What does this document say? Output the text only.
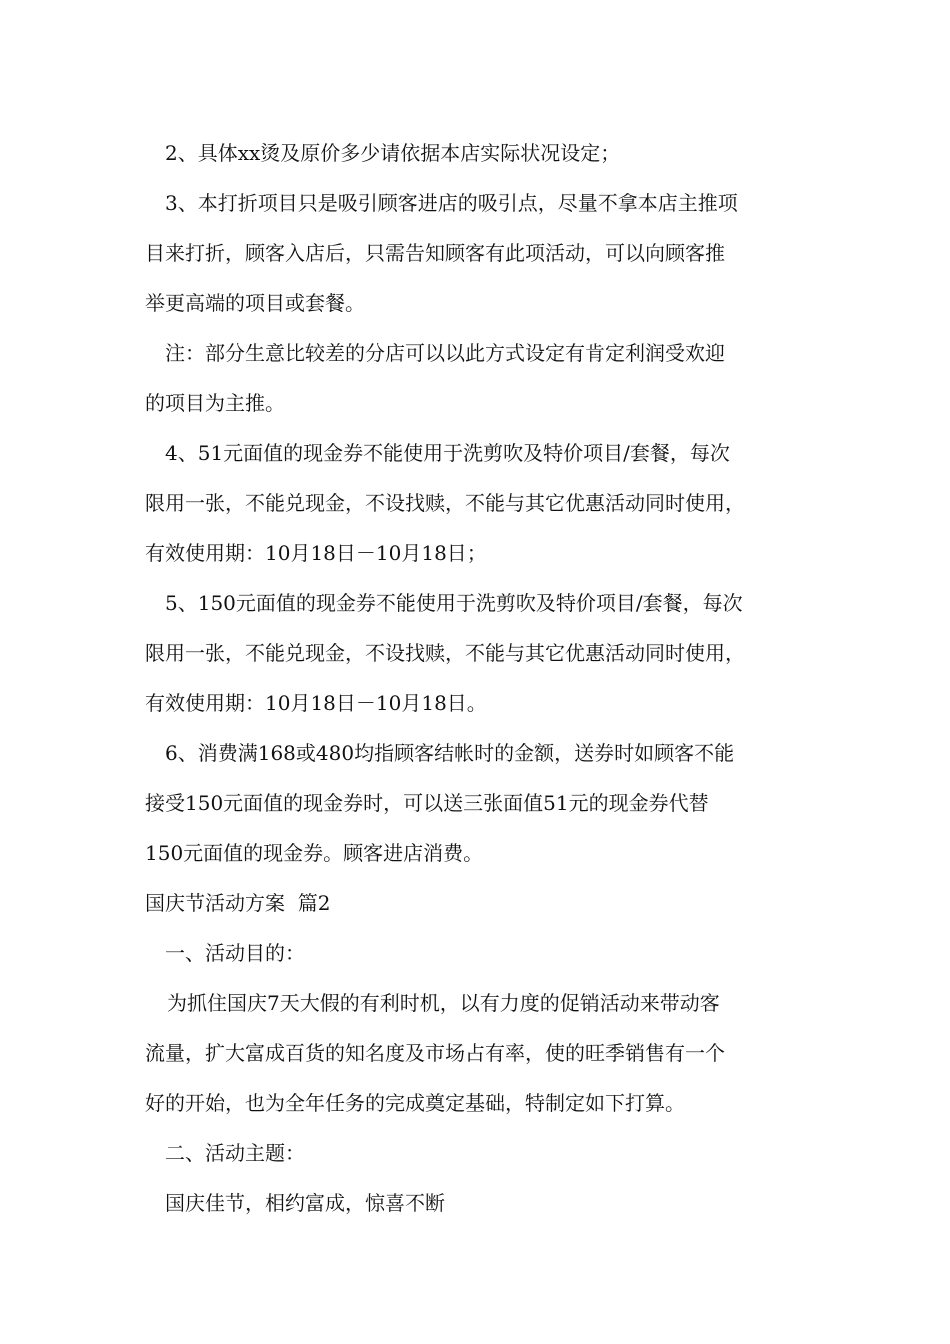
2、具体xx烫及原价多少请依据本店实际状况设定；
3、本打折项目只是吸引顾客进店的吸引点，尽量不拿本店主推项
目来打折，顾客入店后，只需告知顾客有此项活动，可以向顾客推
举更高端的项目或套餐。
注：部分生意比较差的分店可以以此方式设定有肯定利润受欢迎
的项目为主推。
4、51元面值的现金券不能使用于洗剪吹及特价项目/套餐，每次
限用一张，不能兑现金，不设找赎，不能与其它优惠活动同时使用，
有效使用期：10月18日－10月18日；
5、150元面值的现金券不能使用于洗剪吹及特价项目/套餐，每次
限用一张，不能兑现金，不设找赎，不能与其它优惠活动同时使用，
有效使用期：10月18日－10月18日。
6、消费满168或480均指顾客结帐时的金额，送券时如顾客不能
接受150元面值的现金券时，可以送三张面值51元的现金券代替
150元面值的现金券。顾客进店消费。
国庆节活动方案  篇2
一、活动目的：
为抓住国庆7天大假的有利时机，以有力度的促销活动来带动客
流量，扩大富成百货的知名度及市场占有率，使的旺季销售有一个
好的开始，也为全年任务的完成奠定基础，特制定如下打算。
二、活动主题：
国庆佳节，相约富成，惊喜不断
